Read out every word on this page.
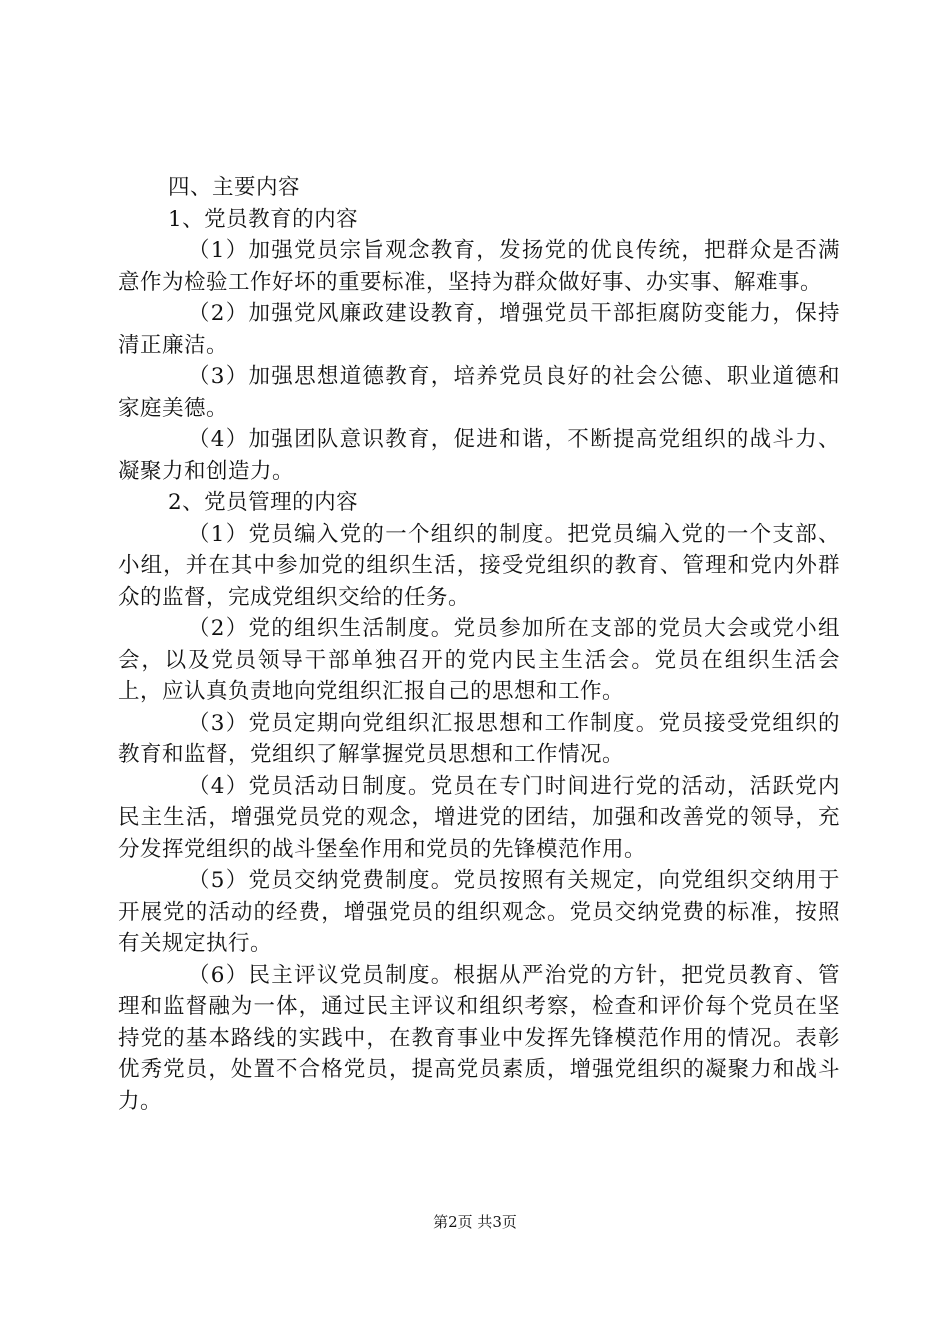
四、主要内容

1、党员教育的内容

（1）加强党员宗旨观念教育，发扬党的优良传统，把群众是否满意作为检验工作好坏的重要标准，坚持为群众做好事、办实事、解难事。

（2）加强党风廉政建设教育，增强党员干部拒腐防变能力，保持清正廉洁。

（3）加强思想道德教育，培养党员良好的社会公德、职业道德和家庭美德。

（4）加强团队意识教育，促进和谐，不断提高党组织的战斗力、凝聚力和创造力。

2、党员管理的内容

（1）党员编入党的一个组织的制度。把党员编入党的一个支部、小组，并在其中参加党的组织生活，接受党组织的教育、管理和党内外群众的监督，完成党组织交给的任务。

（2）党的组织生活制度。党员参加所在支部的党员大会或党小组会，以及党员领导干部单独召开的党内民主生活会。党员在组织生活会上，应认真负责地向党组织汇报自己的思想和工作。

（3）党员定期向党组织汇报思想和工作制度。党员接受党组织的教育和监督，党组织了解掌握党员思想和工作情况。

（4）党员活动日制度。党员在专门时间进行党的活动，活跃党内民主生活，增强党员党的观念，增进党的团结，加强和改善党的领导，充分发挥党组织的战斗堡垒作用和党员的先锋模范作用。

（5）党员交纳党费制度。党员按照有关规定，向党组织交纳用于开展党的活动的经费，增强党员的组织观念。党员交纳党费的标准，按照有关规定执行。

（6）民主评议党员制度。根据从严治党的方针，把党员教育、管理和监督融为一体，通过民主评议和组织考察，检查和评价每个党员在坚持党的基本路线的实践中，在教育事业中发挥先锋模范作用的情况。表彰优秀党员，处置不合格党员，提高党员素质，增强党组织的凝聚力和战斗力。

第2页 共3页
